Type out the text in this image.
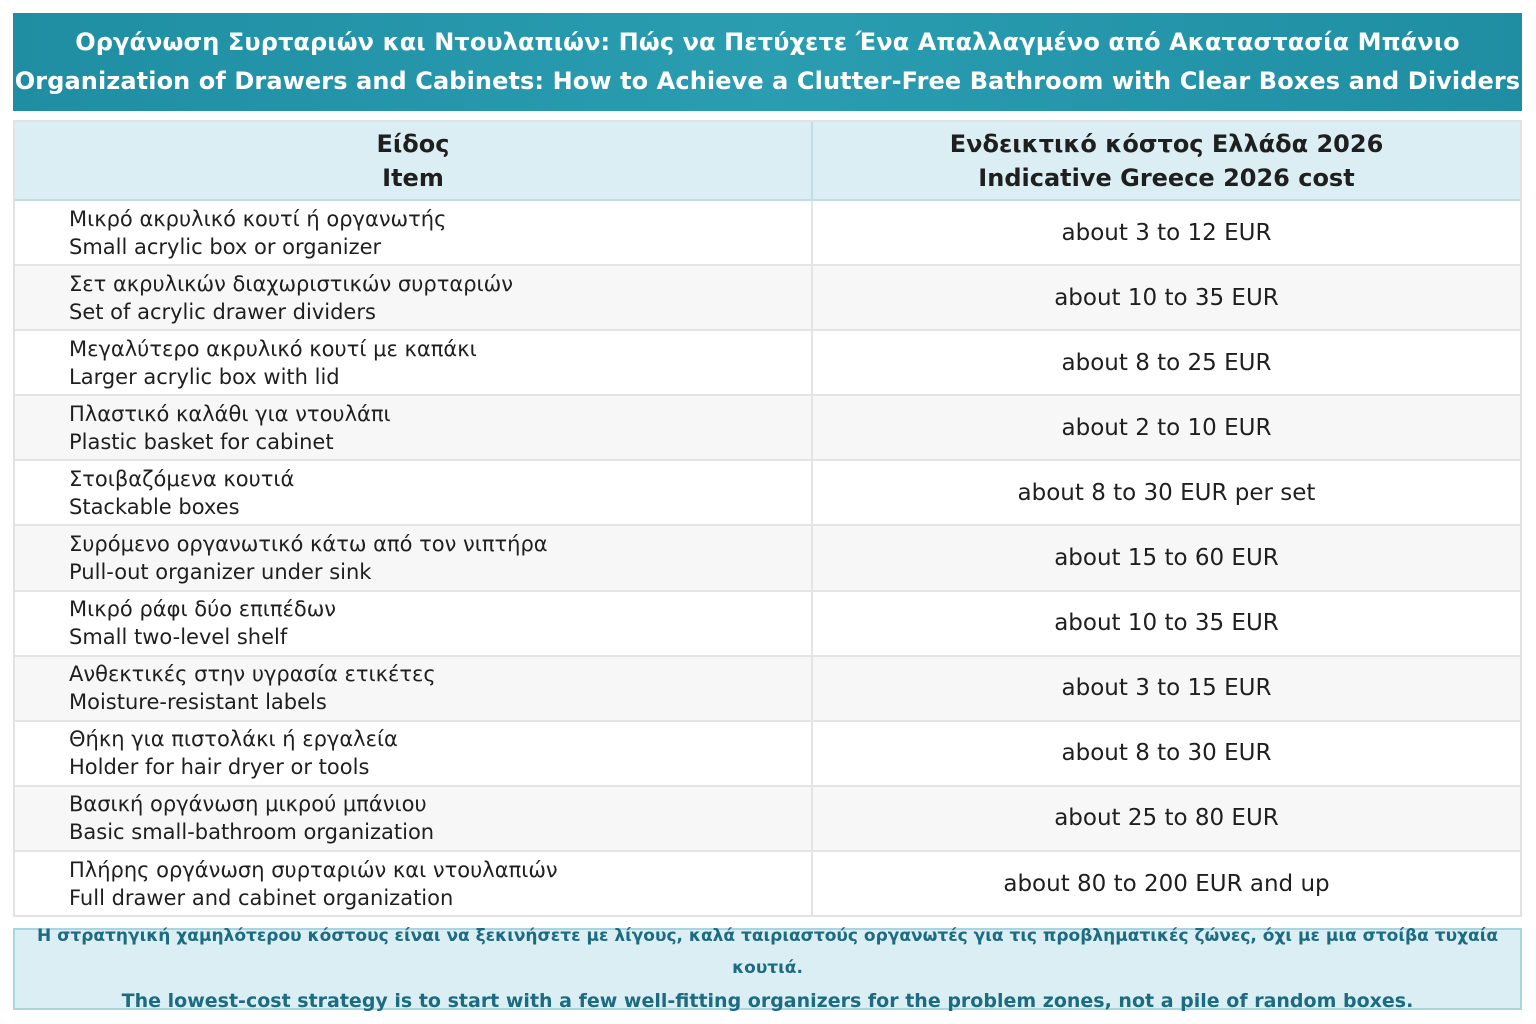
Οργάνωση Συρταριών και Ντουλαπιών: Πώς να Πετύχετε Ένα Απαλλαγμένο από Ακαταστασία Μπάνιο
Organization of Drawers and Cabinets: How to Achieve a Clutter-Free Bathroom with Clear Boxes and Dividers
Είδος
Item
Ενδεικτικό κόστος Ελλάδα 2026
Indicative Greece 2026 cost
Μικρό ακρυλικό κουτί ή οργανωτής
Small acrylic box or organizer
about 3 to 12 EUR
Σετ ακρυλικών διαχωριστικών συρταριών
Set of acrylic drawer dividers
about 10 to 35 EUR
Μεγαλύτερο ακρυλικό κουτί με καπάκι
Larger acrylic box with lid
about 8 to 25 EUR
Πλαστικό καλάθι για ντουλάπι
Plastic basket for cabinet
about 2 to 10 EUR
Στοιβαζόμενα κουτιά
Stackable boxes
about 8 to 30 EUR per set
Συρόμενο οργανωτικό κάτω από τον νιπτήρα
Pull-out organizer under sink
about 15 to 60 EUR
Μικρό ράφι δύο επιπέδων
Small two-level shelf
about 10 to 35 EUR
Ανθεκτικές στην υγρασία ετικέτες
Moisture-resistant labels
about 3 to 15 EUR
Θήκη για πιστολάκι ή εργαλεία
Holder for hair dryer or tools
about 8 to 30 EUR
Βασική οργάνωση μικρού μπάνιου
Basic small-bathroom organization
about 25 to 80 EUR
Πλήρης οργάνωση συρταριών και ντουλαπιών
Full drawer and cabinet organization
about 80 to 200 EUR and up
Η στρατηγική χαμηλότερου κόστους είναι να ξεκινήσετε με λίγους, καλά ταιριαστούς οργανωτές για τις προβληματικές ζώνες, όχι με μια στοίβα τυχαία κουτιά.
The lowest-cost strategy is to start with a few well-fitting organizers for the problem zones, not a pile of random boxes.
